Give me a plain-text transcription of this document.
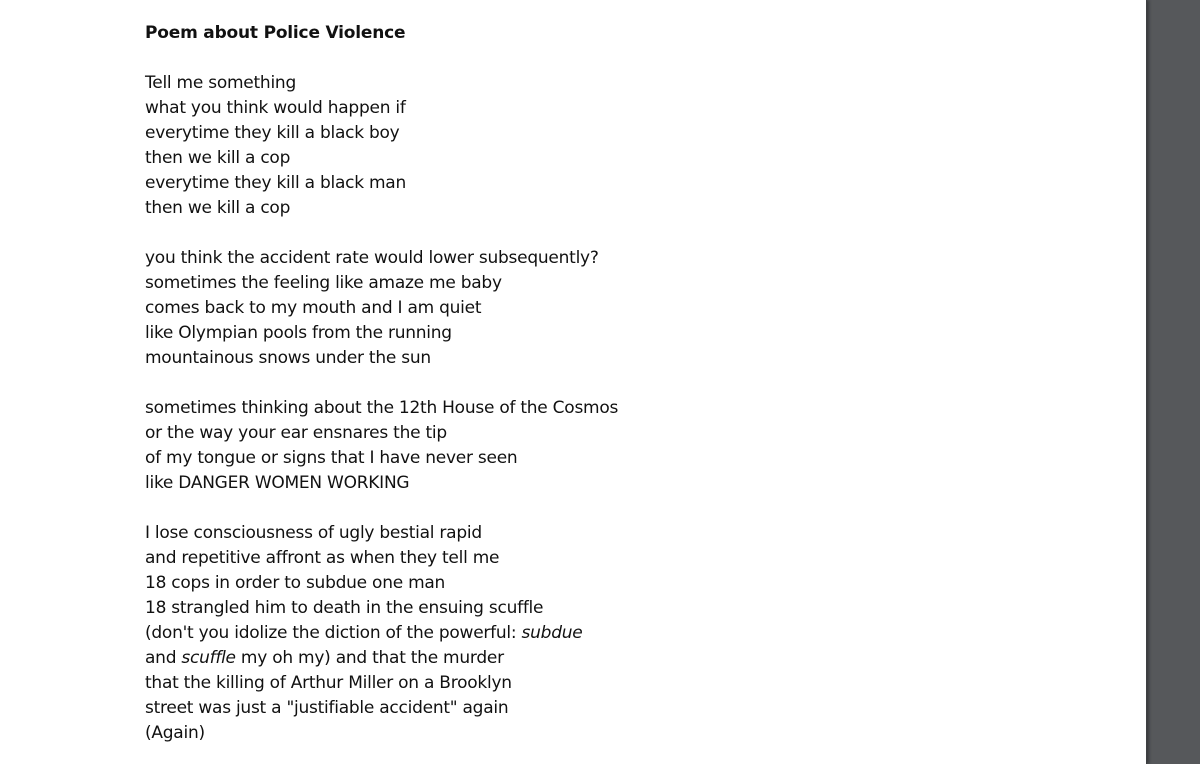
Poem about Police Violence
Tell me something
what you think would happen if
everytime they kill a black boy
then we kill a cop
everytime they kill a black man
then we kill a cop
you think the accident rate would lower subsequently?
sometimes the feeling like amaze me baby
comes back to my mouth and I am quiet
like Olympian pools from the running
mountainous snows under the sun
sometimes thinking about the 12th House of the Cosmos
or the way your ear ensnares the tip
of my tongue or signs that I have never seen
like DANGER WOMEN WORKING
I lose consciousness of ugly bestial rapid
and repetitive affront as when they tell me
18 cops in order to subdue one man
18 strangled him to death in the ensuing scuffle
(don't you idolize the diction of the powerful: subdue
and scuffle my oh my) and that the murder
that the killing of Arthur Miller on a Brooklyn
street was just a "justifiable accident" again
(Again)
